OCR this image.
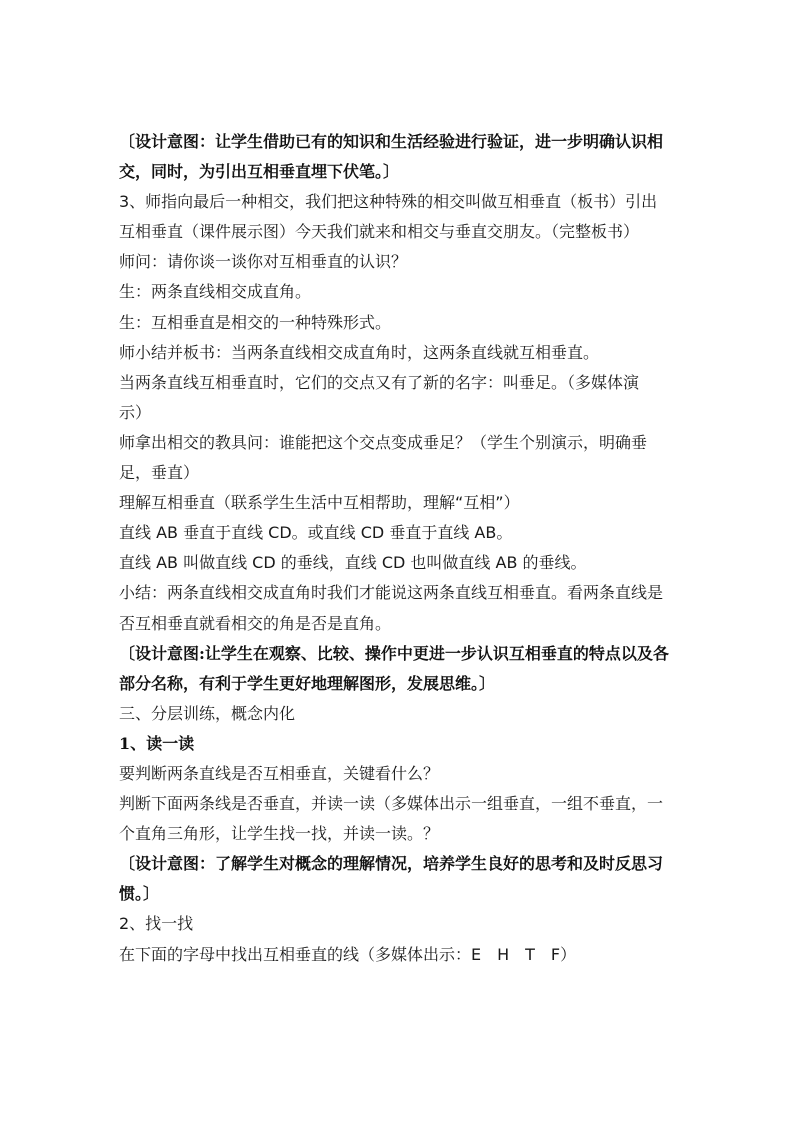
〔设计意图：让学生借助已有的知识和生活经验进行验证，进一步明确认识相
交，同时，为引出互相垂直埋下伏笔。〕
3、师指向最后一种相交，我们把这种特殊的相交叫做互相垂直（板书）引出
互相垂直（课件展示图）今天我们就来和相交与垂直交朋友。（完整板书）
师问：请你谈一谈你对互相垂直的认识？
生：两条直线相交成直角。
生：互相垂直是相交的一种特殊形式。
师小结并板书：当两条直线相交成直角时，这两条直线就互相垂直。
当两条直线互相垂直时，它们的交点又有了新的名字：叫垂足。（多媒体演
示）
师拿出相交的教具问：谁能把这个交点变成垂足？（学生个别演示，明确垂
足，垂直）
理解互相垂直（联系学生生活中互相帮助，理解“互相”）
直线 AB 垂直于直线 CD。或直线 CD 垂直于直线 AB。
直线 AB 叫做直线 CD 的垂线，直线 CD 也叫做直线 AB 的垂线。
小结：两条直线相交成直角时我们才能说这两条直线互相垂直。看两条直线是
否互相垂直就看相交的角是否是直角。
〔设计意图:让学生在观察、比较、操作中更进一步认识互相垂直的特点以及各
部分名称，有利于学生更好地理解图形，发展思维。〕
三、分层训练，概念内化
1、读一读
要判断两条直线是否互相垂直，关键看什么？
判断下面两条线是否垂直，并读一读（多媒体出示一组垂直，一组不垂直，一
个直角三角形，让学生找一找，并读一读。？
〔设计意图：了解学生对概念的理解情况，培养学生良好的思考和及时反思习
惯。〕
2、找一找
在下面的字母中找出互相垂直的线（多媒体出示：E　H　T　F）
